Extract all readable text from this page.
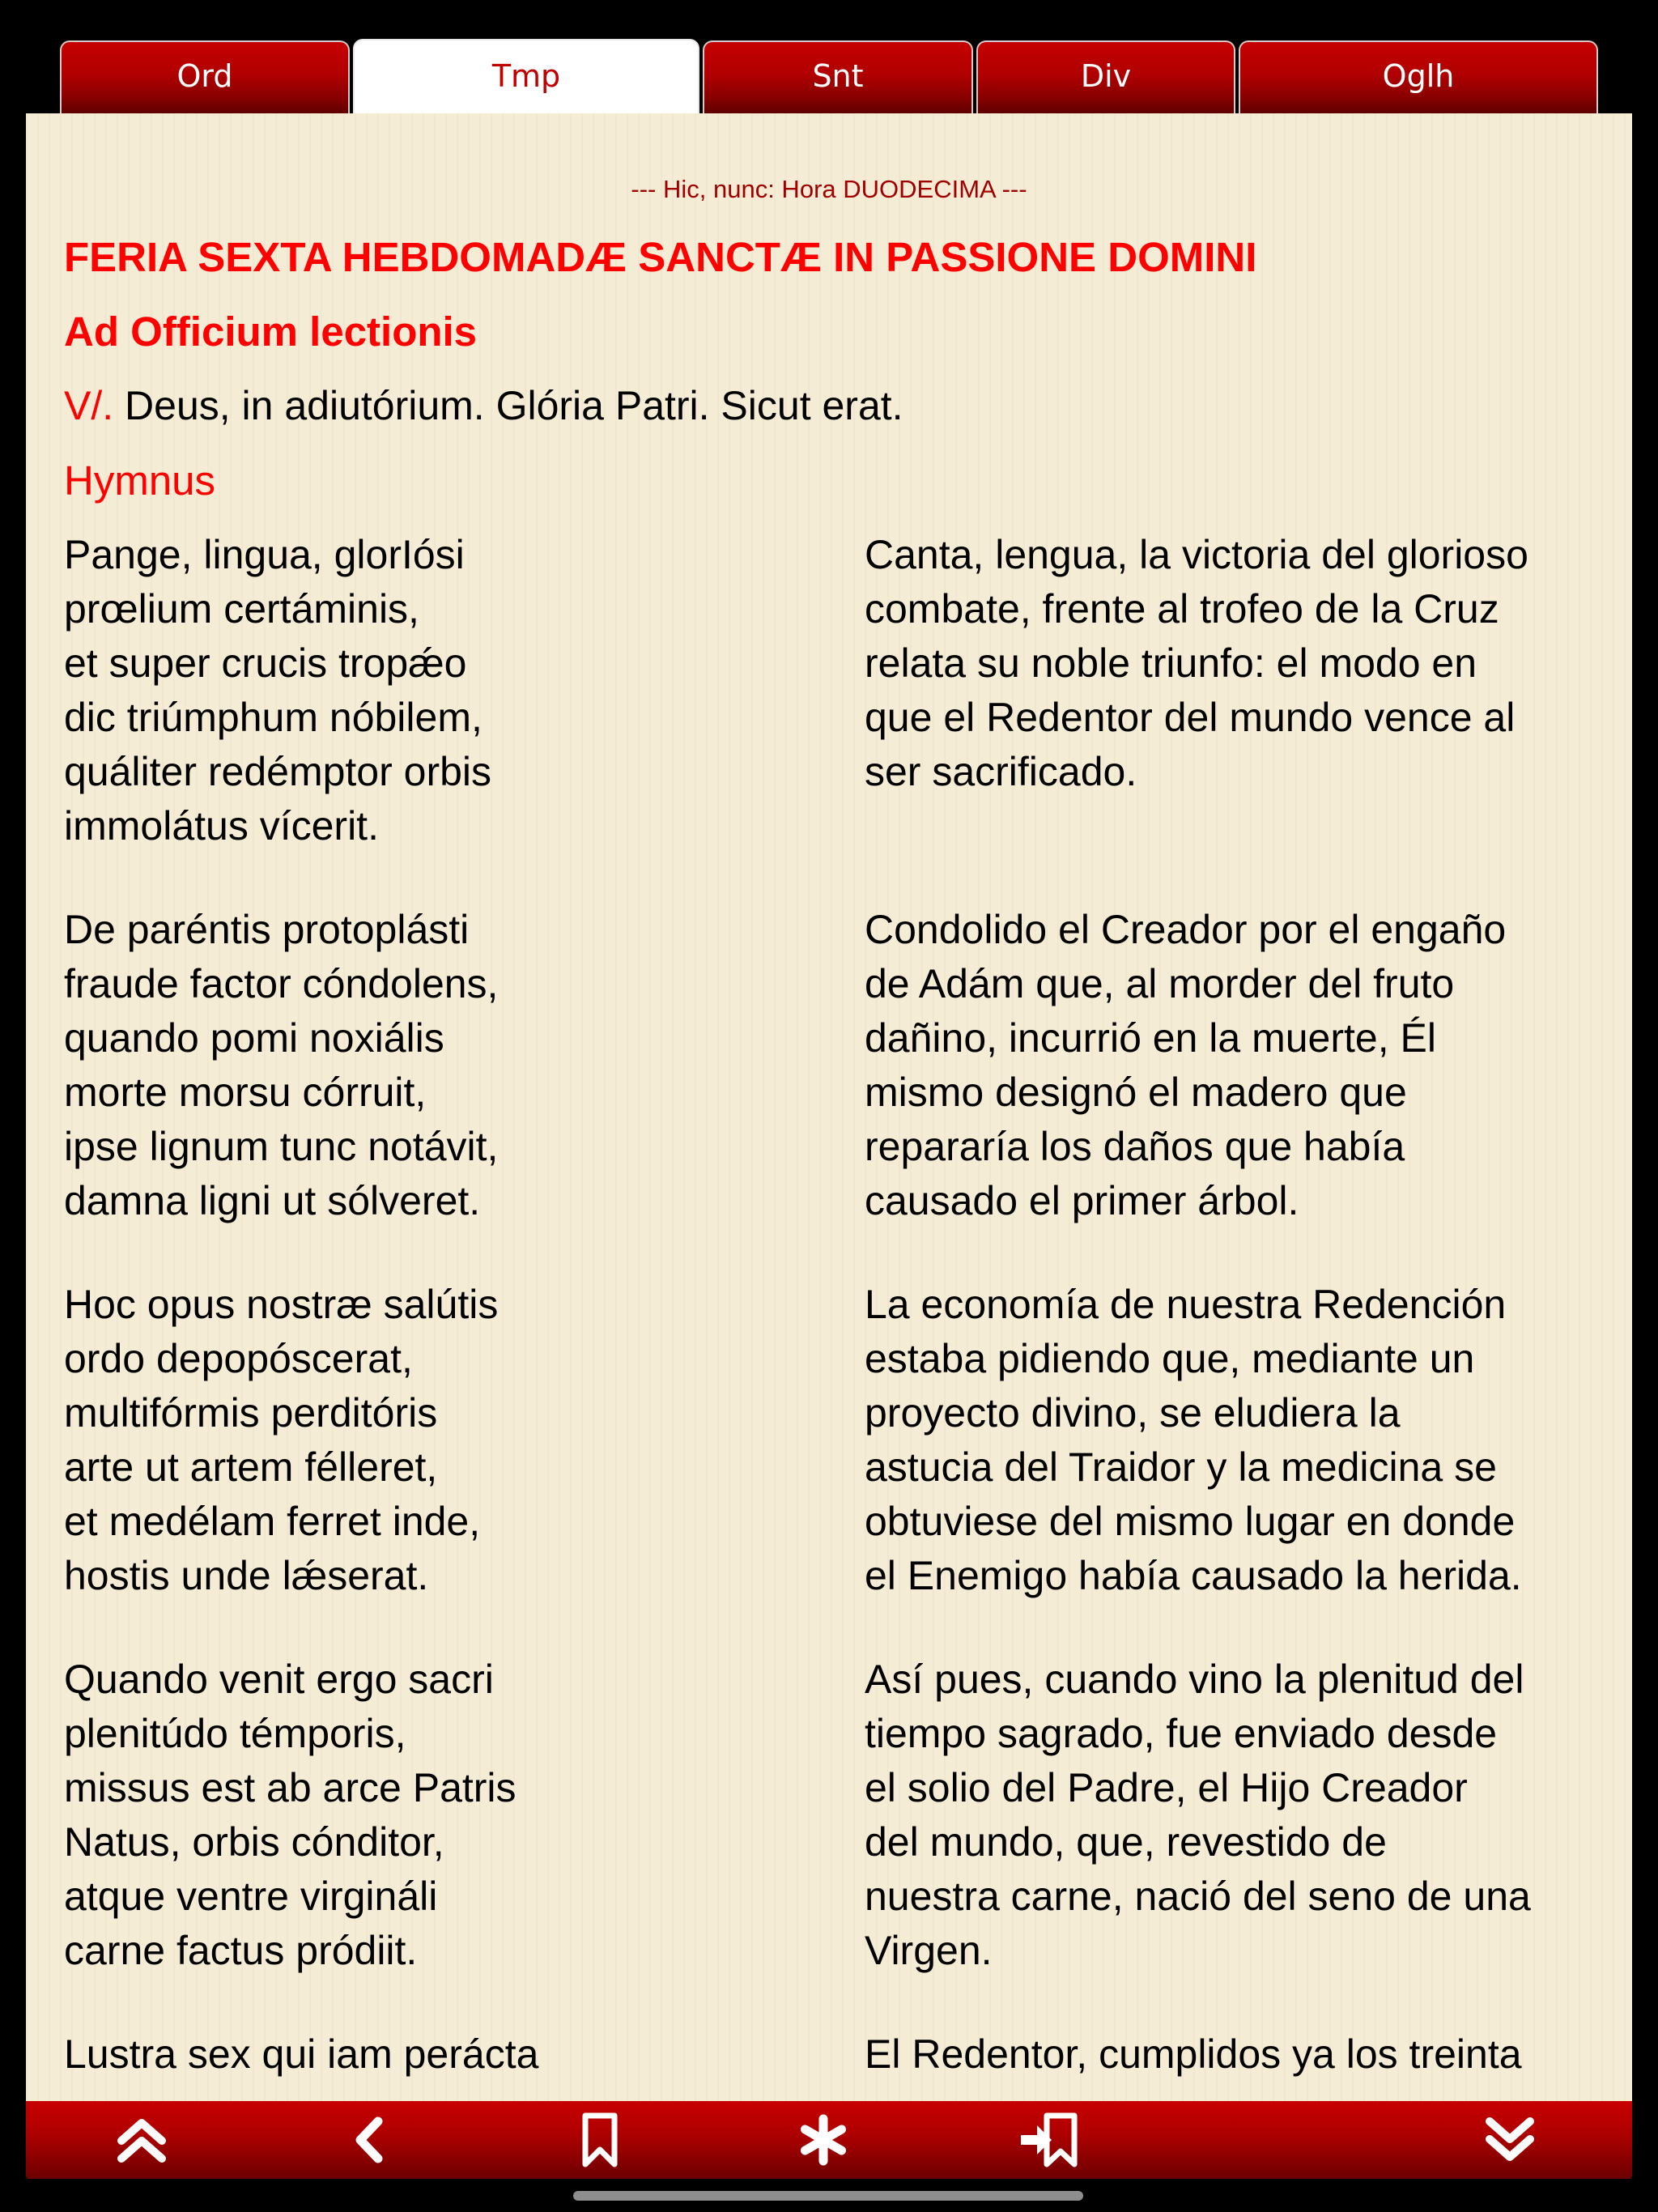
Ord	Tmp	Snt	Div	Oglh
--- Hic, nunc: Hora DUODECIMA ---
FERIA SEXTA HEBDOMADÆ SANCTÆ IN PASSIONE DOMINI
Ad Officium lectionis
V/. Deus, in adiutórium. Glória Patri. Sicut erat.
Hymnus
Pange, lingua, glorIósi
prœlium certáminis,
et super crucis tropǽo
dic triúmphum nóbilem,
quáliter redémptor orbis
immolátus vícerit.
De paréntis protoplásti
fraude factor cóndolens,
quando pomi noxiális
morte morsu córruit,
ipse lignum tunc notávit,
damna ligni ut sólveret.
Hoc opus nostræ salútis
ordo depopóscerat,
multifórmis perditóris
arte ut artem félleret,
et medélam ferret inde,
hostis unde lǽserat.
Quando venit ergo sacri
plenitúdo témporis,
missus est ab arce Patris
Natus, orbis cónditor,
atque ventre virgináli
carne factus pródiit.
Lustra sex qui iam perácta
Canta, lengua, la victoria del glorioso
combate, frente al trofeo de la Cruz
relata su noble triunfo: el modo en
que el Redentor del mundo vence al
ser sacrificado.

Condolido el Creador por el engaño
de Adám que, al morder del fruto
dañino, incurrió en la muerte, Él
mismo designó el madero que
repararía los daños que había
causado el primer árbol.
La economía de nuestra Redención
estaba pidiendo que, mediante un
proyecto divino, se eludiera la
astucia del Traidor y la medicina se
obtuviese del mismo lugar en donde
el Enemigo había causado la herida.
Así pues, cuando vino la plenitud del
tiempo sagrado, fue enviado desde
el solio del Padre, el Hijo Creador
del mundo, que, revestido de
nuestra carne, nació del seno de una
Virgen.
El Redentor, cumplidos ya los treinta
